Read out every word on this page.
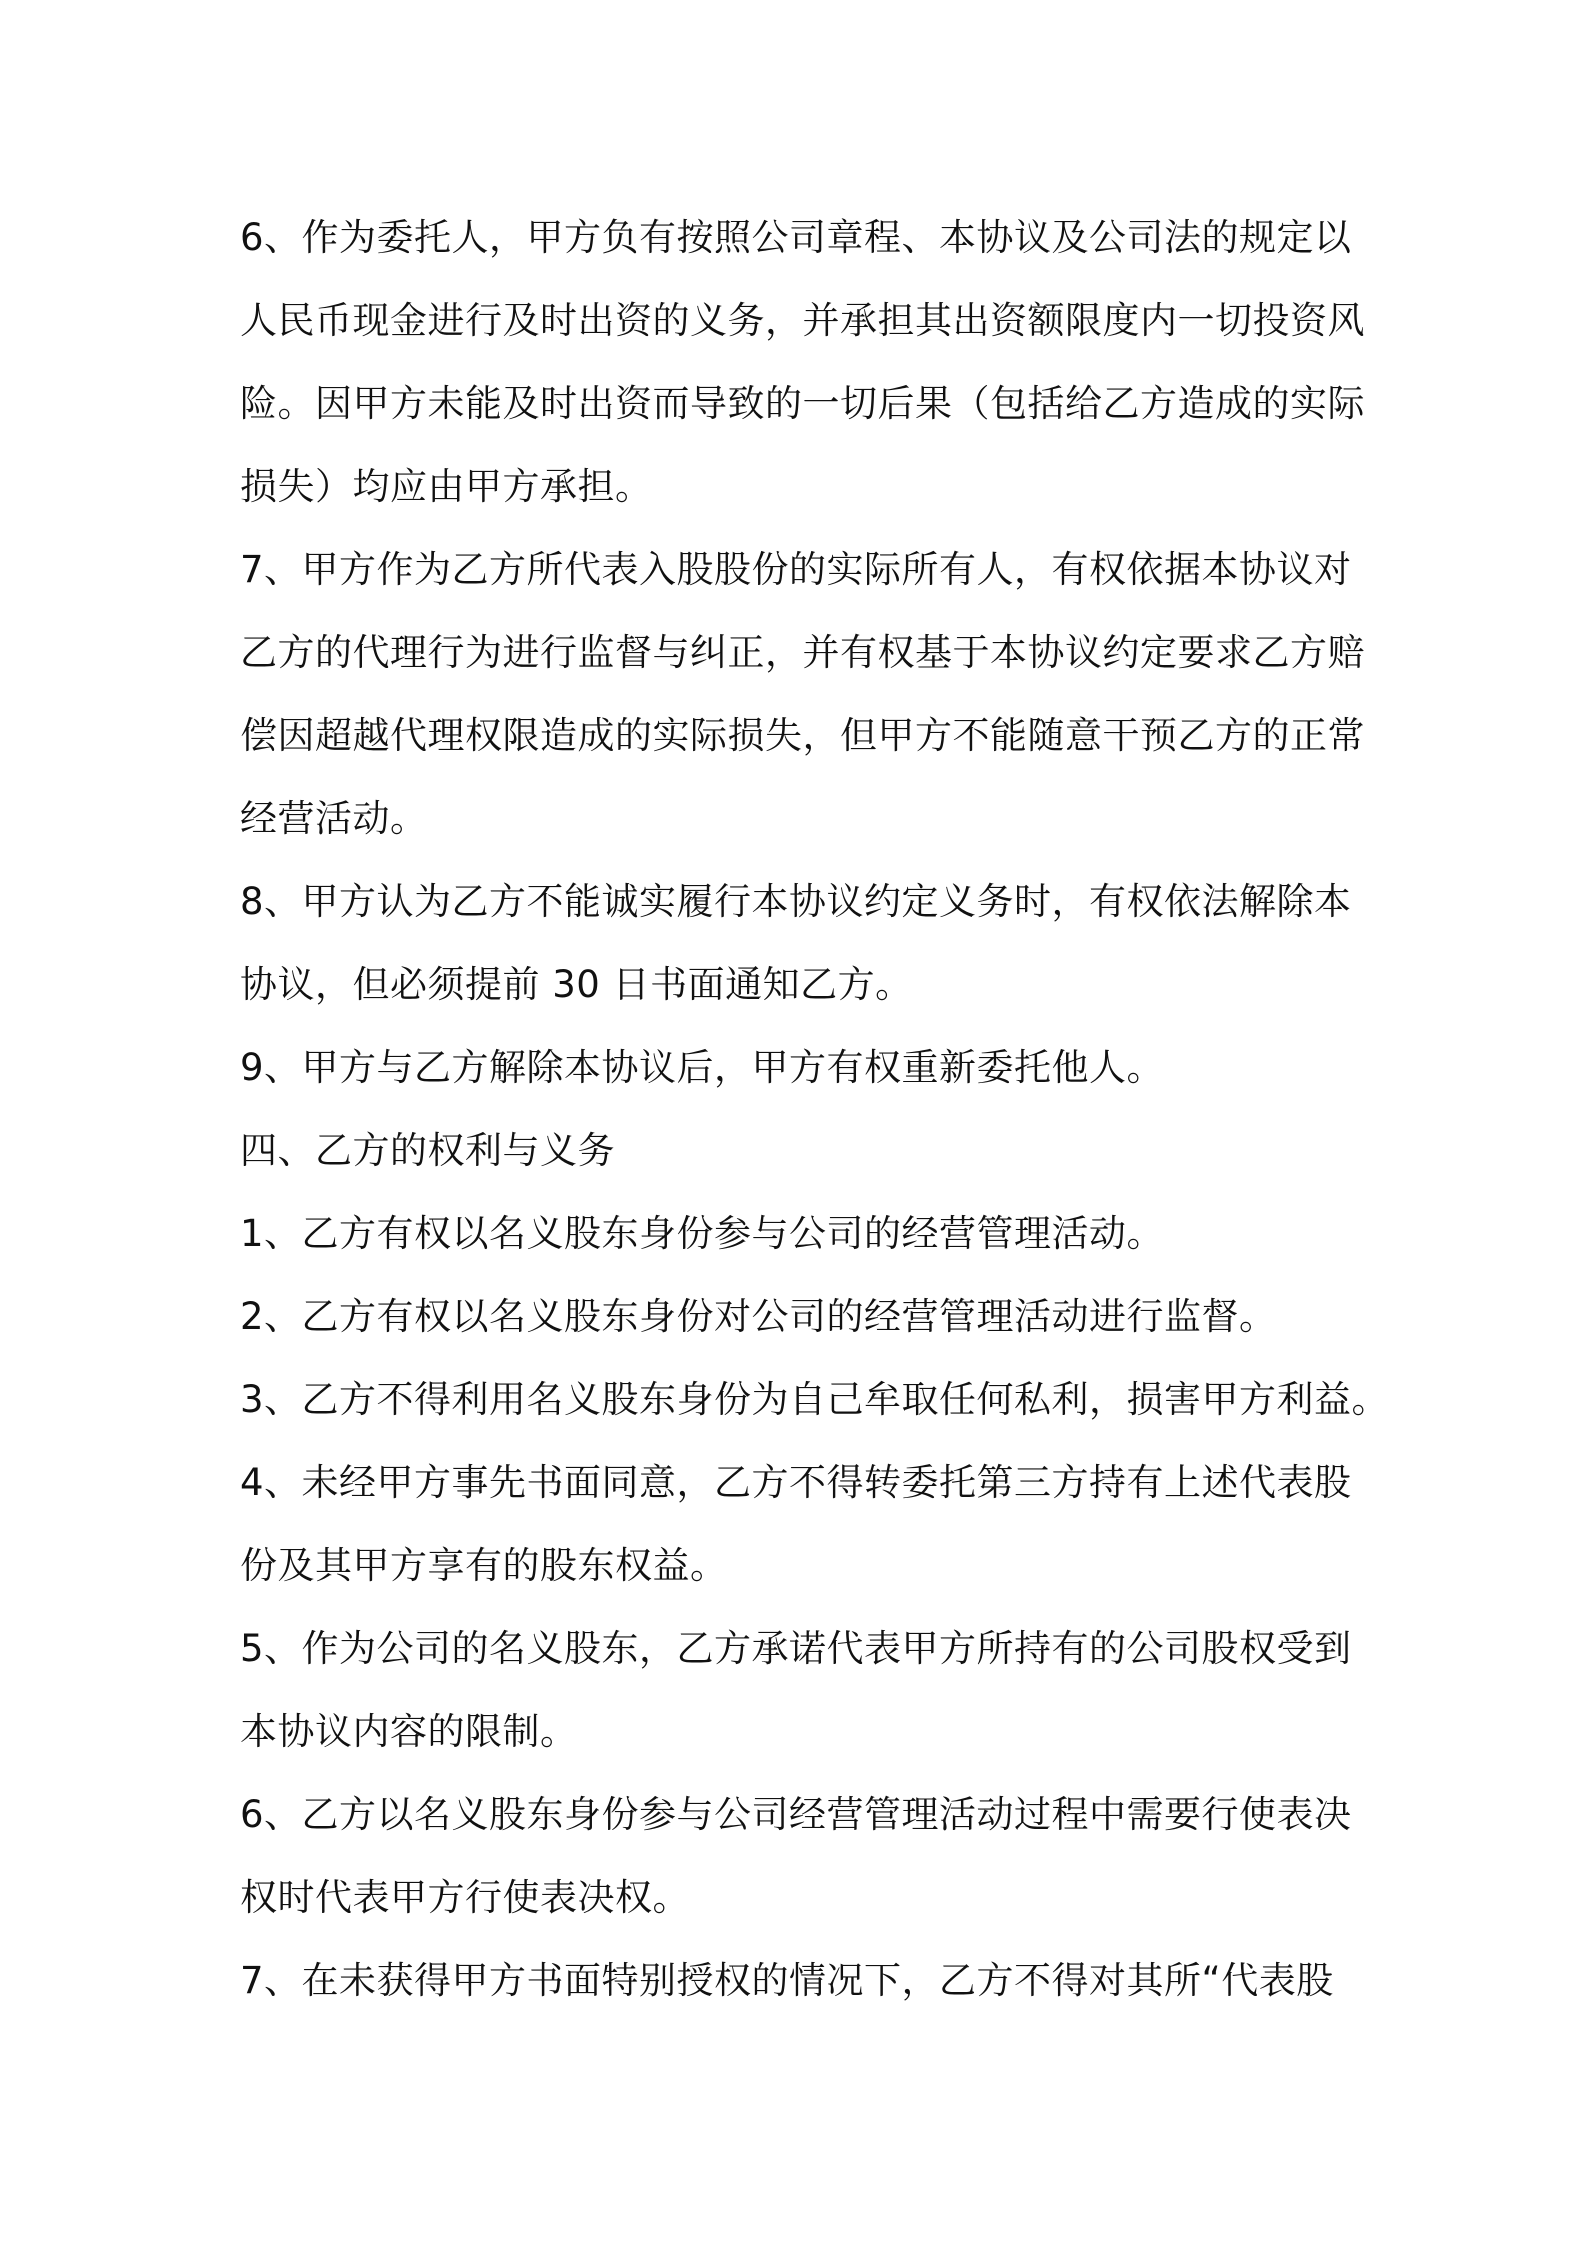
6、作为委托人，甲方负有按照公司章程、本协议及公司法的规定以
人民币现金进行及时出资的义务，并承担其出资额限度内一切投资风
险。因甲方未能及时出资而导致的一切后果（包括给乙方造成的实际
损失）均应由甲方承担。
7、甲方作为乙方所代表入股股份的实际所有人，有权依据本协议对
乙方的代理行为进行监督与纠正，并有权基于本协议约定要求乙方赔
偿因超越代理权限造成的实际损失，但甲方不能随意干预乙方的正常
经营活动。
8、甲方认为乙方不能诚实履行本协议约定义务时，有权依法解除本
协议，但必须提前 30 日书面通知乙方。
9、甲方与乙方解除本协议后，甲方有权重新委托他人。
四、乙方的权利与义务
1、乙方有权以名义股东身份参与公司的经营管理活动。
2、乙方有权以名义股东身份对公司的经营管理活动进行监督。
3、乙方不得利用名义股东身份为自己牟取任何私利，损害甲方利益。
4、未经甲方事先书面同意，乙方不得转委托第三方持有上述代表股
份及其甲方享有的股东权益。
5、作为公司的名义股东，乙方承诺代表甲方所持有的公司股权受到
本协议内容的限制。
6、乙方以名义股东身份参与公司经营管理活动过程中需要行使表决
权时代表甲方行使表决权。
7、在未获得甲方书面特别授权的情况下，乙方不得对其所“代表股
